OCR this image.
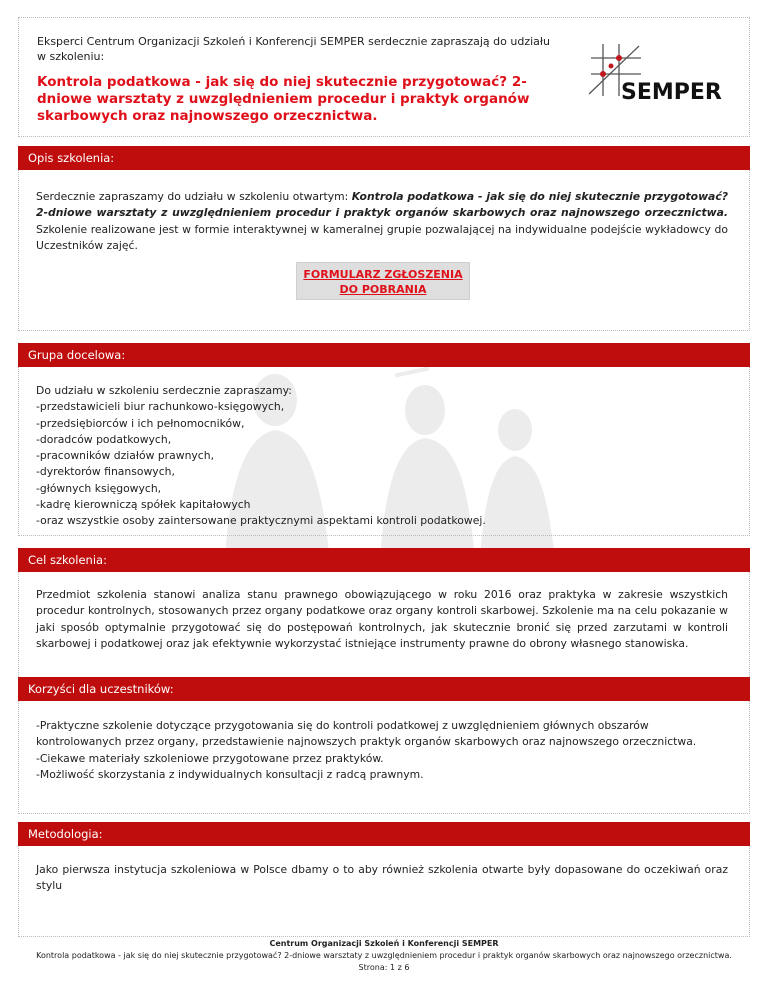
Eksperci Centrum Organizacji Szkoleń i Konferencji SEMPER serdecznie zapraszają do udziału w szkoleniu:
Kontrola podatkowa - jak się do niej skutecznie przygotować? 2-dniowe warsztaty z uwzględnieniem procedur i praktyk organów skarbowych oraz najnowszego orzecznictwa.
SEMPER
Opis szkolenia:

Serdecznie zapraszamy do udziału w szkoleniu otwartym: Kontrola podatkowa - jak się do niej skutecznie przygotować? 2-dniowe warsztaty z uwzględnieniem procedur i praktyk organów skarbowych oraz najnowszego orzecznictwa. Szkolenie realizowane jest w formie interaktywnej w kameralnej grupie pozwalającej na indywidualne podejście wykładowcy do Uczestników zajęć.

FORMULARZ ZGŁOSZENIA
DO POBRANIA
Grupa docelowa:

Do udziału w szkoleniu serdecznie zapraszamy:

-przedstawicieli biur rachunkowo-księgowych,

-przedsiębiorców i ich pełnomocników,

-doradców podatkowych,

-pracowników działów prawnych,

-dyrektorów finansowych,

-głównych księgowych,

-kadrę kierowniczą spółek kapitałowych

-oraz wszystkie osoby zaintersowane praktycznymi aspektami kontroli podatkowej.

Cel szkolenia:

Przedmiot szkolenia stanowi analiza stanu prawnego obowiązującego w roku 2016 oraz praktyka w zakresie wszystkich procedur kontrolnych, stosowanych przez organy podatkowe oraz organy kontroli skarbowej. Szkolenie ma na celu pokazanie w jaki sposób optymalnie przygotować się do postępowań kontrolnych, jak skutecznie bronić się przed zarzutami w kontroli skarbowej i podatkowej oraz jak efektywnie wykorzystać istniejące instrumenty prawne do obrony własnego stanowiska.

Korzyści dla uczestników:

-Praktyczne szkolenie dotyczące przygotowania się do kontroli podatkowej z uwzględnieniem głównych obszarów kontrolowanych przez organy, przedstawienie najnowszych praktyk organów skarbowych oraz najnowszego orzecznictwa.

-Ciekawe materiały szkoleniowe przygotowane przez praktyków.

-Możliwość skorzystania z indywidualnych konsultacji z radcą prawnym.

Metodologia:

Jako pierwsza instytucja szkoleniowa w Polsce dbamy o to aby również szkolenia otwarte były dopasowane do oczekiwań oraz stylu

Centrum Organizacji Szkoleń i Konferencji SEMPER
Kontrola podatkowa - jak się do niej skutecznie przygotować? 2-dniowe warsztaty z uwzględnieniem procedur i praktyk organów skarbowych oraz najnowszego orzecznictwa.
Strona: 1 z 6
